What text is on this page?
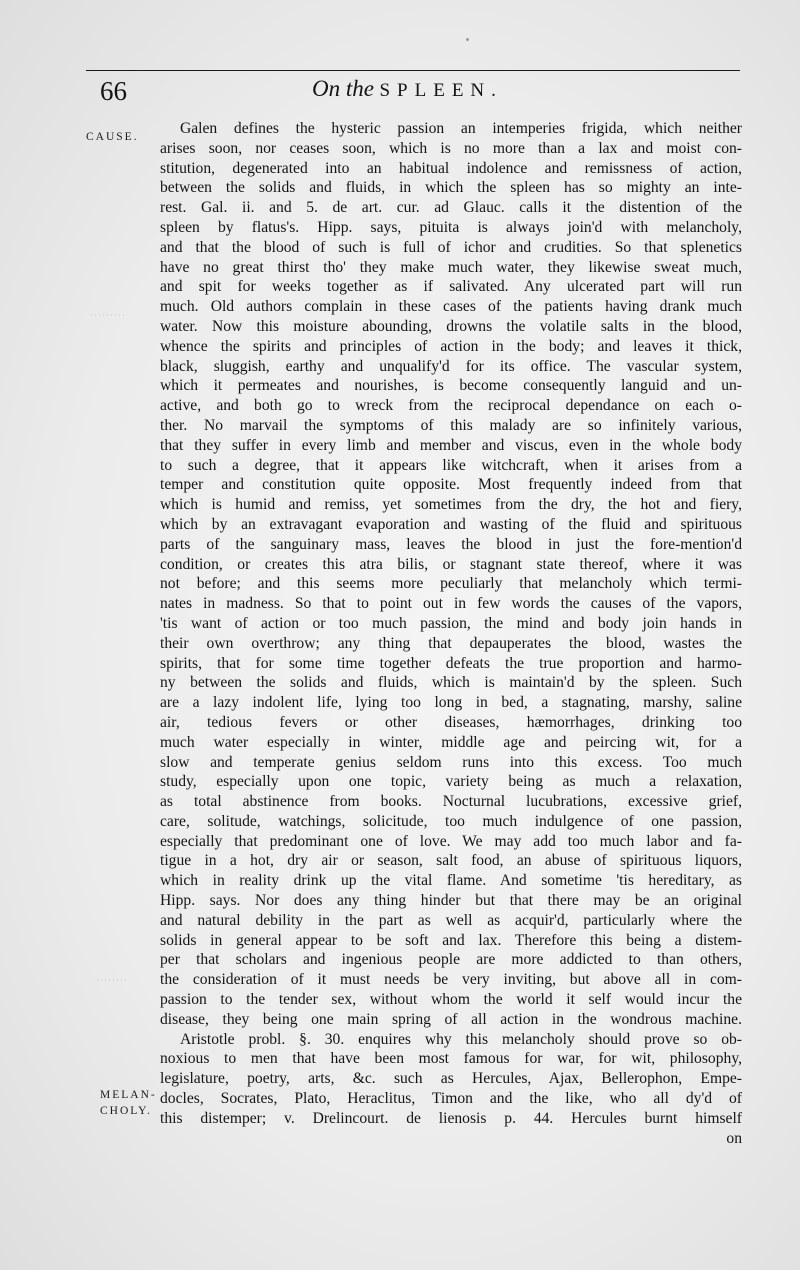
66	On the SPLEEN.
CAUSE.
MELAN-
CHOLY.
·········
········
Galen defines the hysteric passion an intemperies frigida, which neither
arises soon, nor ceases soon, which is no more than a lax and moist con-
stitution, degenerated into an habitual indolence and remissness of action,
between the solids and fluids, in which the spleen has so mighty an inte-
rest. Gal. ii. and 5. de art. cur. ad Glauc. calls it the distention of the
spleen by flatus's. Hipp. says, pituita is always join'd with melancholy,
and that the blood of such is full of ichor and crudities. So that splenetics
have no great thirst tho' they make much water, they likewise sweat much,
and spit for weeks together as if salivated. Any ulcerated part will run
much. Old authors complain in these cases of the patients having drank much
water. Now this moisture abounding, drowns the volatile salts in the blood,
whence the spirits and principles of action in the body; and leaves it thick,
black, sluggish, earthy and unqualify'd for its office. The vascular system,
which it permeates and nourishes, is become consequently languid and un-
active, and both go to wreck from the reciprocal dependance on each o-
ther. No marvail the symptoms of this malady are so infinitely various,
that they suffer in every limb and member and viscus, even in the whole body
to such a degree, that it appears like witchcraft, when it arises from a
temper and constitution quite opposite. Most frequently indeed from that
which is humid and remiss, yet sometimes from the dry, the hot and fiery,
which by an extravagant evaporation and wasting of the fluid and spirituous
parts of the sanguinary mass, leaves the blood in just the fore-mention'd
condition, or creates this atra bilis, or stagnant state thereof, where it was
not before; and this seems more peculiarly that melancholy which termi-
nates in madness. So that to point out in few words the causes of the vapors,
'tis want of action or too much passion, the mind and body join hands in
their own overthrow; any thing that depauperates the blood, wastes the
spirits, that for some time together defeats the true proportion and harmo-
ny between the solids and fluids, which is maintain'd by the spleen. Such
are a lazy indolent life, lying too long in bed, a stagnating, marshy, saline
air, tedious fevers or other diseases, hæmorrhages, drinking too
much water especially in winter, middle age and peircing wit, for a
slow and temperate genius seldom runs into this excess. Too much
study, especially upon one topic, variety being as much a relaxation,
as total abstinence from books. Nocturnal lucubrations, excessive grief,
care, solitude, watchings, solicitude, too much indulgence of one passion,
especially that predominant one of love. We may add too much labor and fa-
tigue in a hot, dry air or season, salt food, an abuse of spirituous liquors,
which in reality drink up the vital flame. And sometime 'tis hereditary, as
Hipp. says. Nor does any thing hinder but that there may be an original
and natural debility in the part as well as acquir'd, particularly where the
solids in general appear to be soft and lax. Therefore this being a distem-
per that scholars and ingenious people are more addicted to than others,
the consideration of it must needs be very inviting, but above all in com-
passion to the tender sex, without whom the world it self would incur the
disease, they being one main spring of all action in the wondrous machine.
Aristotle probl. §. 30. enquires why this melancholy should prove so ob-
noxious to men that have been most famous for war, for wit, philosophy,
legislature, poetry, arts, &c. such as Hercules, Ajax, Bellerophon, Empe-
docles, Socrates, Plato, Heraclitus, Timon and the like, who all dy'd of
this distemper; v. Drelincourt. de lienosis p. 44. Hercules burnt himself
on
